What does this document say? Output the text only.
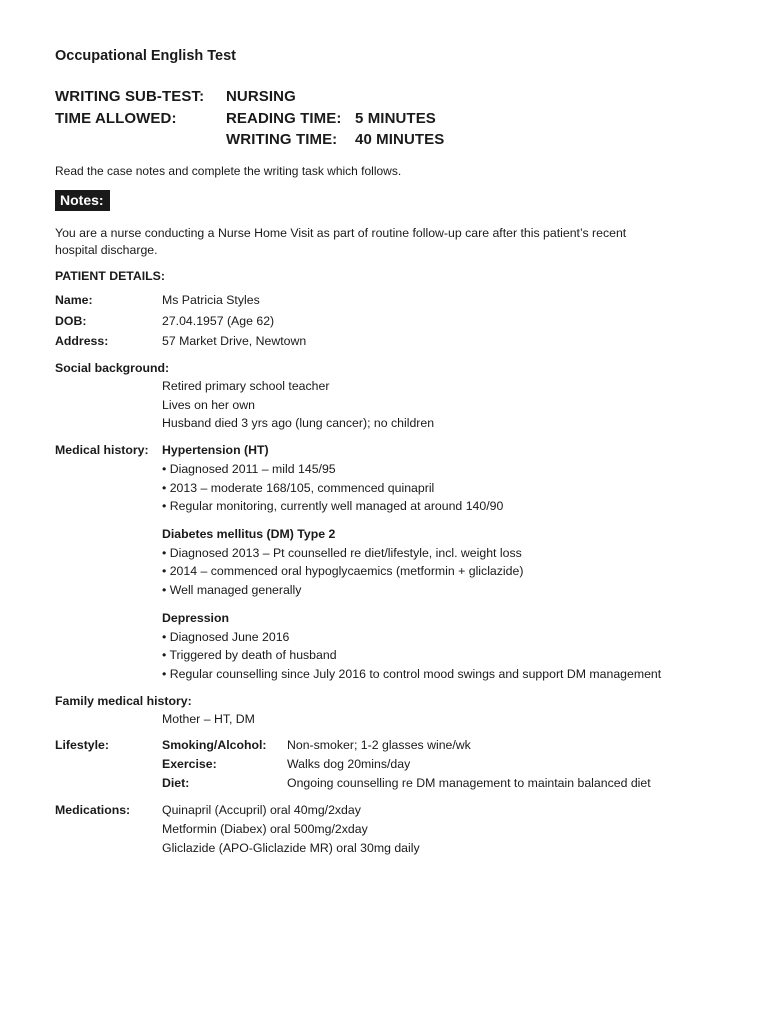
Occupational English Test
WRITING SUB-TEST: NURSING
TIME ALLOWED:	READING TIME: 5 MINUTES
WRITING TIME: 40 MINUTES
Read the case notes and complete the writing task which follows.
Notes:
You are a nurse conducting a Nurse Home Visit as part of routine follow-up care after this patient’s recent
hospital discharge.
PATIENT DETAILS:
Name:	Ms Patricia Styles
DOB:	27.04.1957 (Age 62)
Address:	57 Market Drive, Newtown
Social background:
Retired primary school teacher
Lives on her own
Husband died 3 yrs ago (lung cancer); no children
Medical history: Hypertension (HT)
• Diagnosed 2011 – mild 145/95
• 2013 – moderate 168/105, commenced quinapril
• Regular monitoring, currently well managed at around 140/90
Diabetes mellitus (DM) Type 2
• Diagnosed 2013 – Pt counselled re diet/lifestyle, incl. weight loss
• 2014 – commenced oral hypoglycaemics (metformin + gliclazide)
• Well managed generally
Depression
• Diagnosed June 2016
• Triggered by death of husband
• Regular counselling since July 2016 to control mood swings and support DM management
Family medical history:
Mother – HT, DM
Lifestyle:	Smoking/Alcohol: Non-smoker; 1-2 glasses wine/wk
Exercise:	Walks dog 20mins/day
Diet:	Ongoing counselling re DM management to maintain balanced diet
Medications:	Quinapril (Accupril) oral 40mg/2xday
Metformin (Diabex) oral 500mg/2xday
Gliclazide (APO-Gliclazide MR) oral 30mg daily
